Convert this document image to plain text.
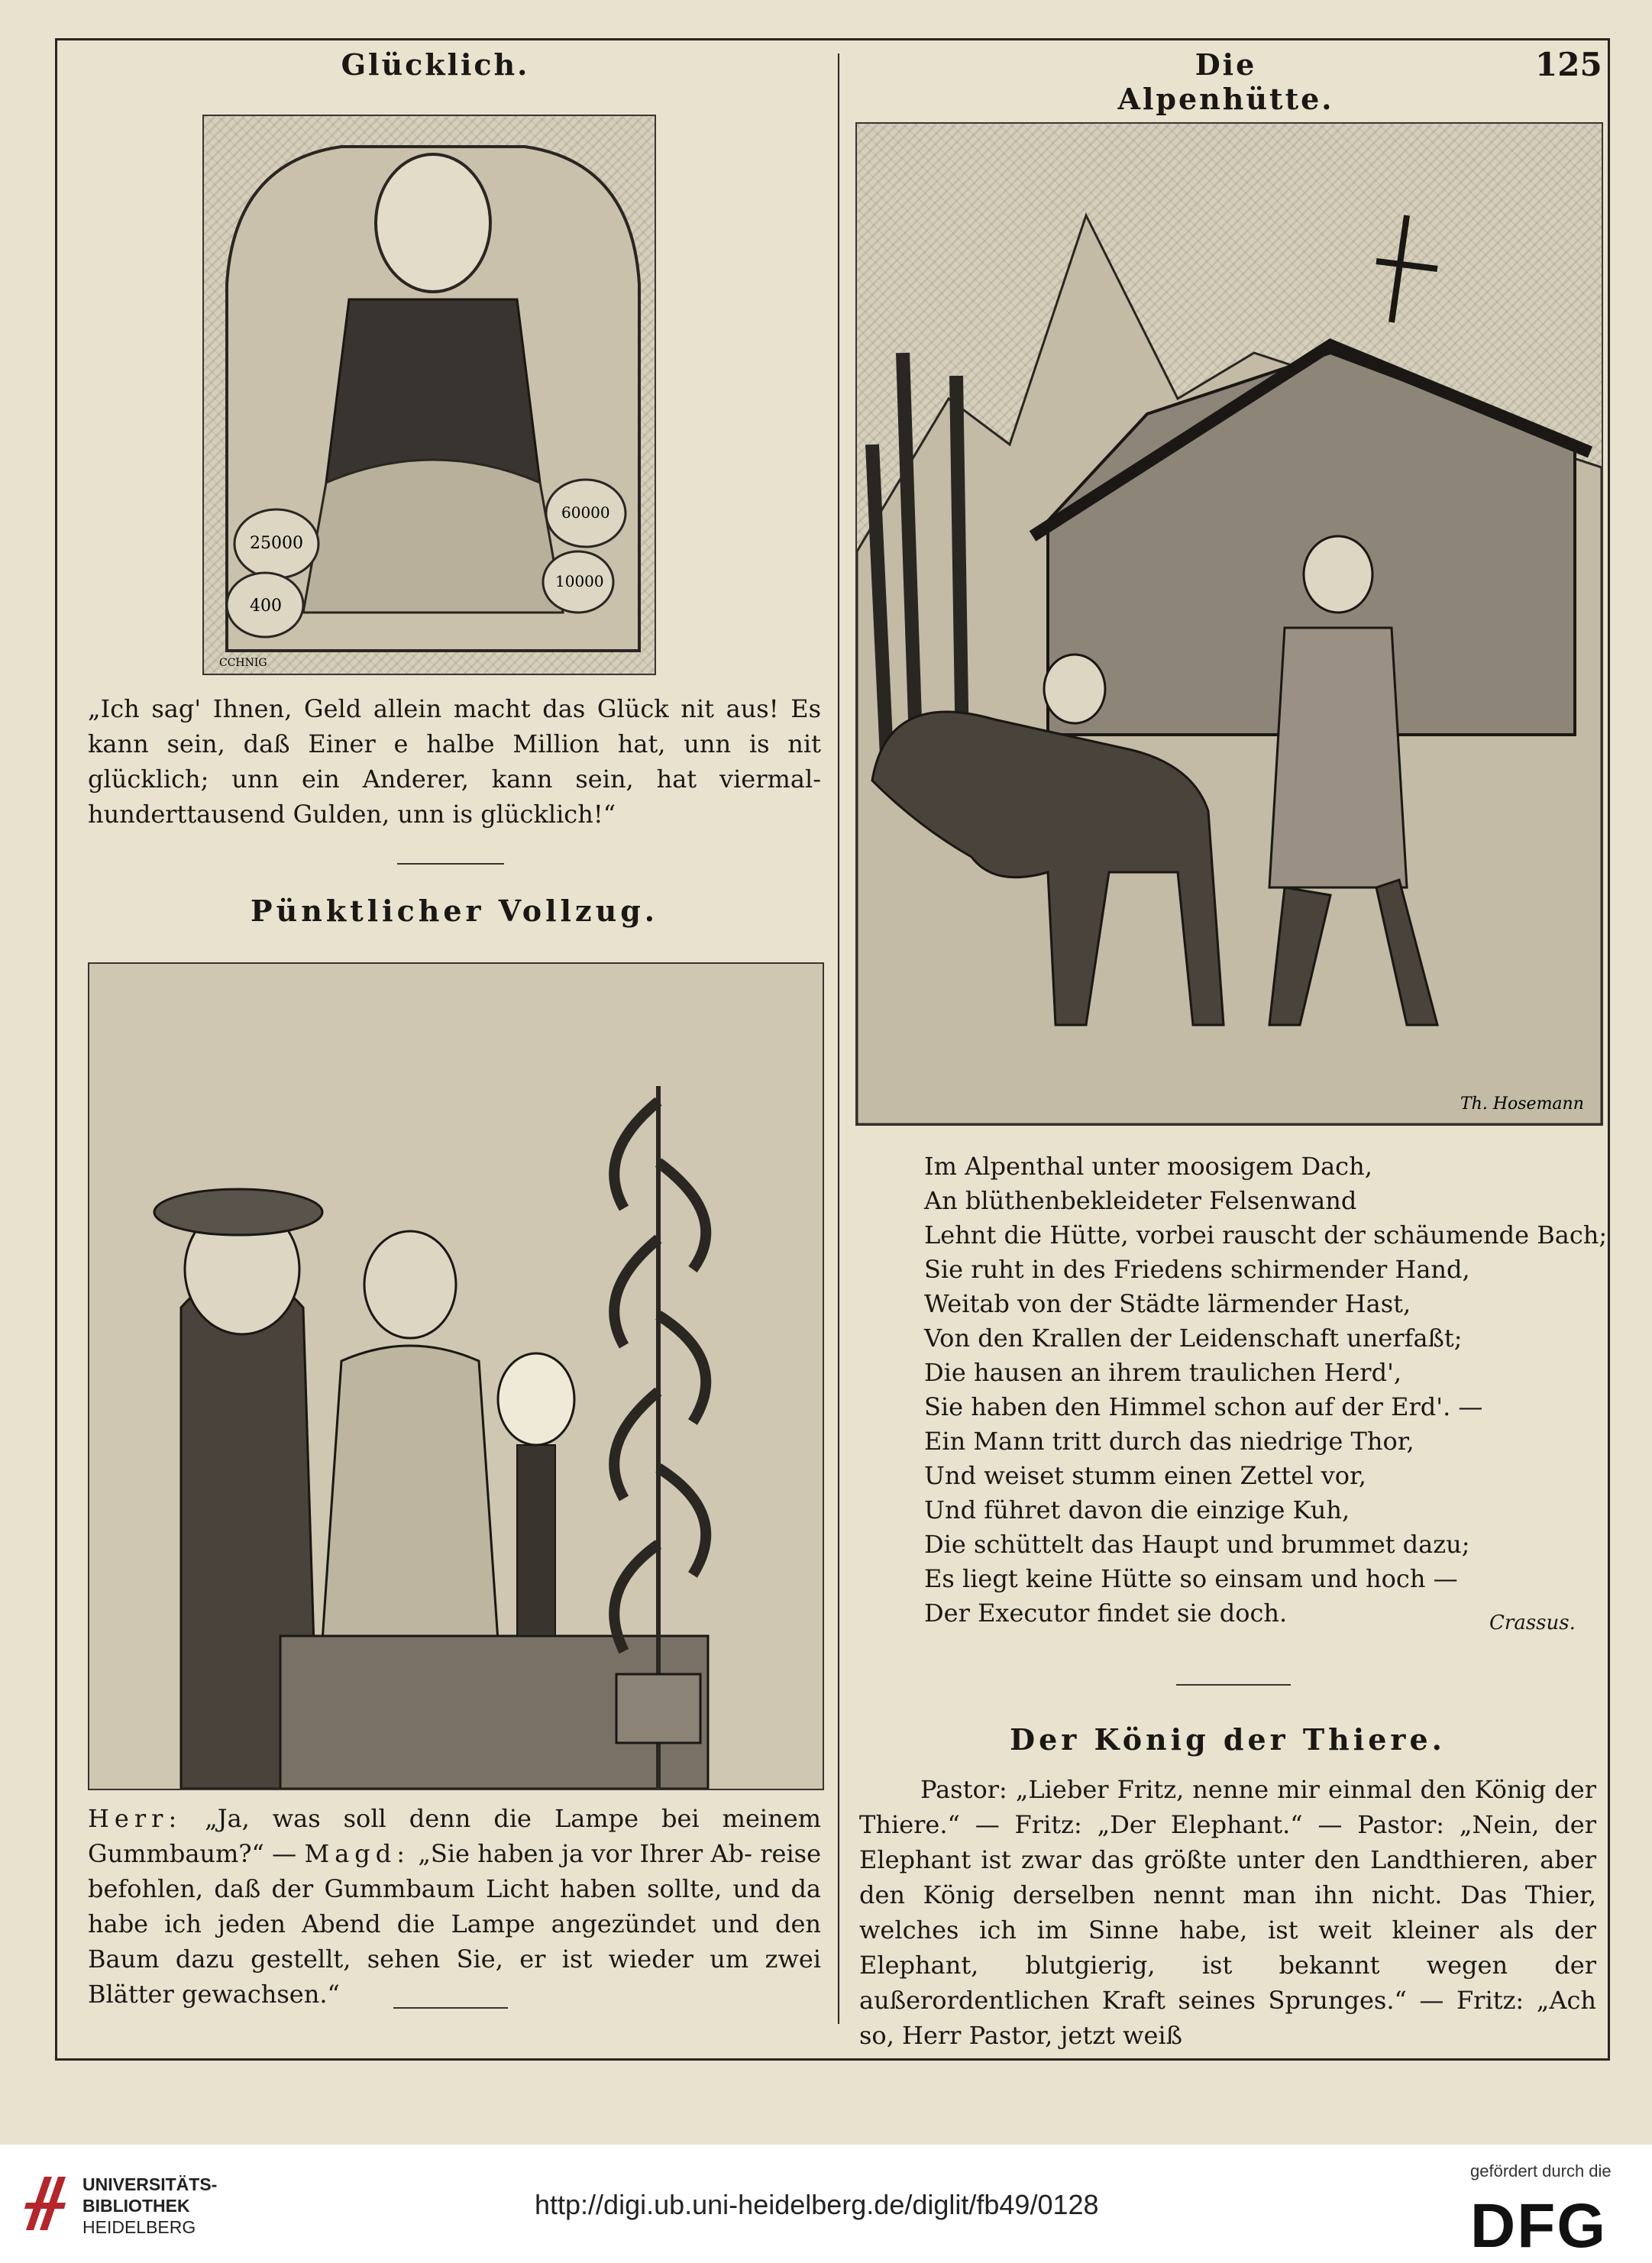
Glücklich.	Die Alpenhütte.
125
25000
400
60000
10000
CCHNIG
„Ich sag' Ihnen, Geld allein macht das Glück nit aus! Es kann sein, daß Einer e halbe Million hat, unn is nit glücklich; unn ein Anderer, kann sein, hat viermal-hunderttausend Gulden, unn is glücklich!“
Pünktlicher Vollzug.
Herr: „Ja, was soll denn die Lampe bei meinem Gummbaum?“ — Magd: „Sie haben ja vor Ihrer Ab- reise befohlen, daß der Gummbaum Licht haben sollte, und da habe ich jeden Abend die Lampe angezündet und den Baum dazu gestellt, sehen Sie, er ist wieder um zwei Blätter gewachsen.“
Th. Hosemann
Im Alpenthal unter moosigem Dach,
An blüthenbekleideter Felsenwand
Lehnt die Hütte, vorbei rauscht der schäumende Bach;
Sie ruht in des Friedens schirmender Hand,
Weitab von der Städte lärmender Hast,
Von den Krallen der Leidenschaft unerfaßt;
Die hausen an ihrem traulichen Herd',
Sie haben den Himmel schon auf der Erd'. —
Ein Mann tritt durch das niedrige Thor,
Und weiset stumm einen Zettel vor,
Und führet davon die einzige Kuh,
Die schüttelt das Haupt und brummet dazu;
Es liegt keine Hütte so einsam und hoch —
Der Executor findet sie doch.	Crassus.
Der König der Thiere.
Pastor: „Lieber Fritz, nenne mir einmal den König der Thiere.“ — Fritz: „Der Elephant.“ — Pastor: „Nein, der Elephant ist zwar das größte unter den Landthieren, aber den König derselben nennt man ihn nicht. Das Thier, welches ich im Sinne habe, ist weit kleiner als der Elephant, blutgierig, ist bekannt wegen der außerordentlichen Kraft seines Sprunges.“ — Fritz: „Ach so, Herr Pastor, jetzt weiß
UNIVERSITÄTS-
BIBLIOTHEK
HEIDELBERG
http://digi.ub.uni-heidelberg.de/diglit/fb49/0128
gefördert durch die
DFG
